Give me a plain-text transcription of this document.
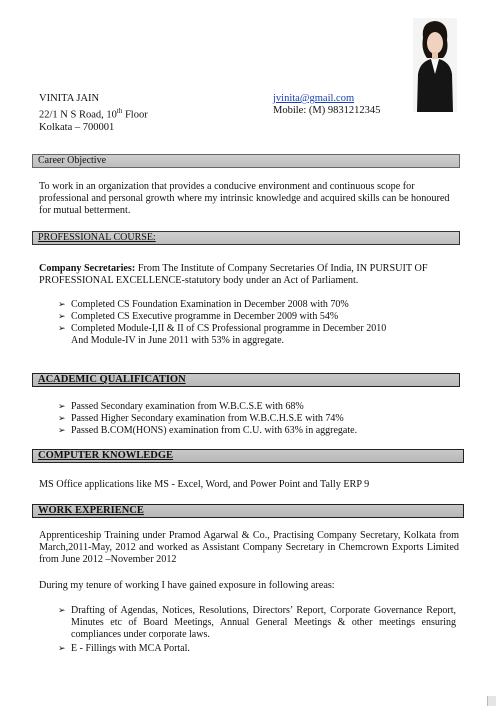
VINITA JAIN
22/1 N S Road, 10th Floor
Kolkata – 700001
jvinita@gmail.com
Mobile: (M) 9831212345
Career Objective
To work in an organization that provides a conducive environment and continuous scope for professional and personal growth where my intrinsic knowledge and acquired skills can be honoured for mutual betterment.
PROFESSIONAL COURSE:
Company Secretaries: From The Institute of Company Secretaries Of India, IN PURSUIT OF PROFESSIONAL EXCELLENCE-statutory body under an Act of Parliament.
➢ Completed CS Foundation Examination in December 2008 with 70%
➢ Completed CS Executive programme in December 2009 with 54%
➢ Completed Module-I,II & II of CS Professional programme in December 2010
And Module-IV in June 2011 with 53% in aggregate.
ACADEMIC QUALIFICATION
➢ Passed Secondary examination from W.B.C.S.E with 68%
➢ Passed Higher Secondary examination from W.B.C.H.S.E with 74%
➢ Passed B.COM(HONS) examination from C.U. with 63% in aggregate.
COMPUTER KNOWLEDGE
MS Office applications like MS - Excel, Word, and Power Point and Tally ERP 9
WORK EXPERIENCE
Apprenticeship Training under Pramod Agarwal & Co., Practising Company Secretary, Kolkata from March,2011-May, 2012 and worked as Assistant Company Secretary in Chemcrown Exports Limited from June 2012 –November 2012
During my tenure of working I have gained exposure in following areas:
➢ Drafting of Agendas, Notices, Resolutions, Directors’ Report, Corporate Governance Report, Minutes etc of Board Meetings, Annual General Meetings & other meetings ensuring compliances under corporate laws.
➢ E - Fillings with MCA Portal.
